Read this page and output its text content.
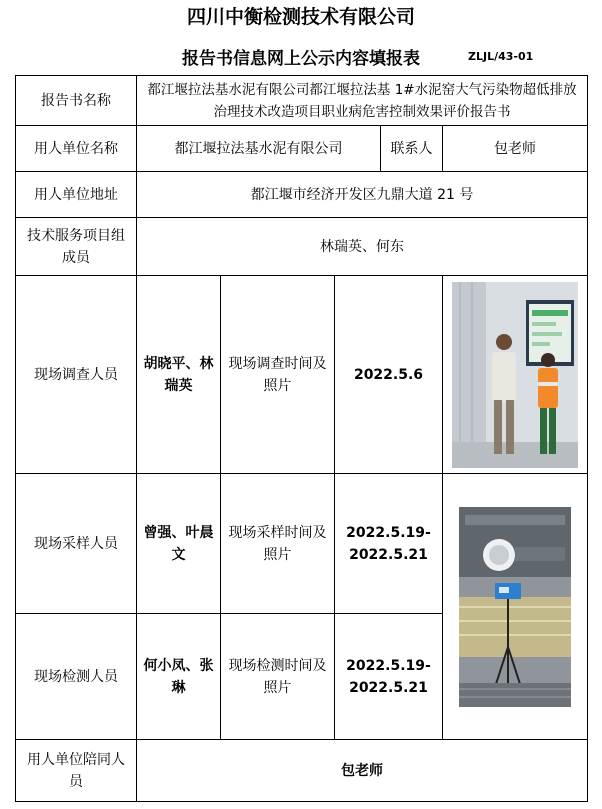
四川中衡检测技术有限公司
报告书信息网上公示内容填报表	ZLJL/43-01
报告书名称	都江堰拉法基水泥有限公司都江堰拉法基 1#水泥窑大气污染物超低排放治理技术改造项目职业病危害控制效果评价报告书				
用人单位名称	都江堰拉法基水泥有限公司			联系人	包老师
用人单位地址	都江堰市经济开发区九鼎大道 21 号				
技术服务项目组成员	林瑞英、何东				
现场调查人员	胡晓平、林瑞英	现场调查时间及照片	2022.5.6	

现场采样人员	曾强、叶晨文	现场采样时间及照片	2022.5.19-2022.5.21	

现场检测人员	何小凤、张琳	现场检测时间及照片	2022.5.19-2022.5.21		
用人单位陪同人员	包老师				
